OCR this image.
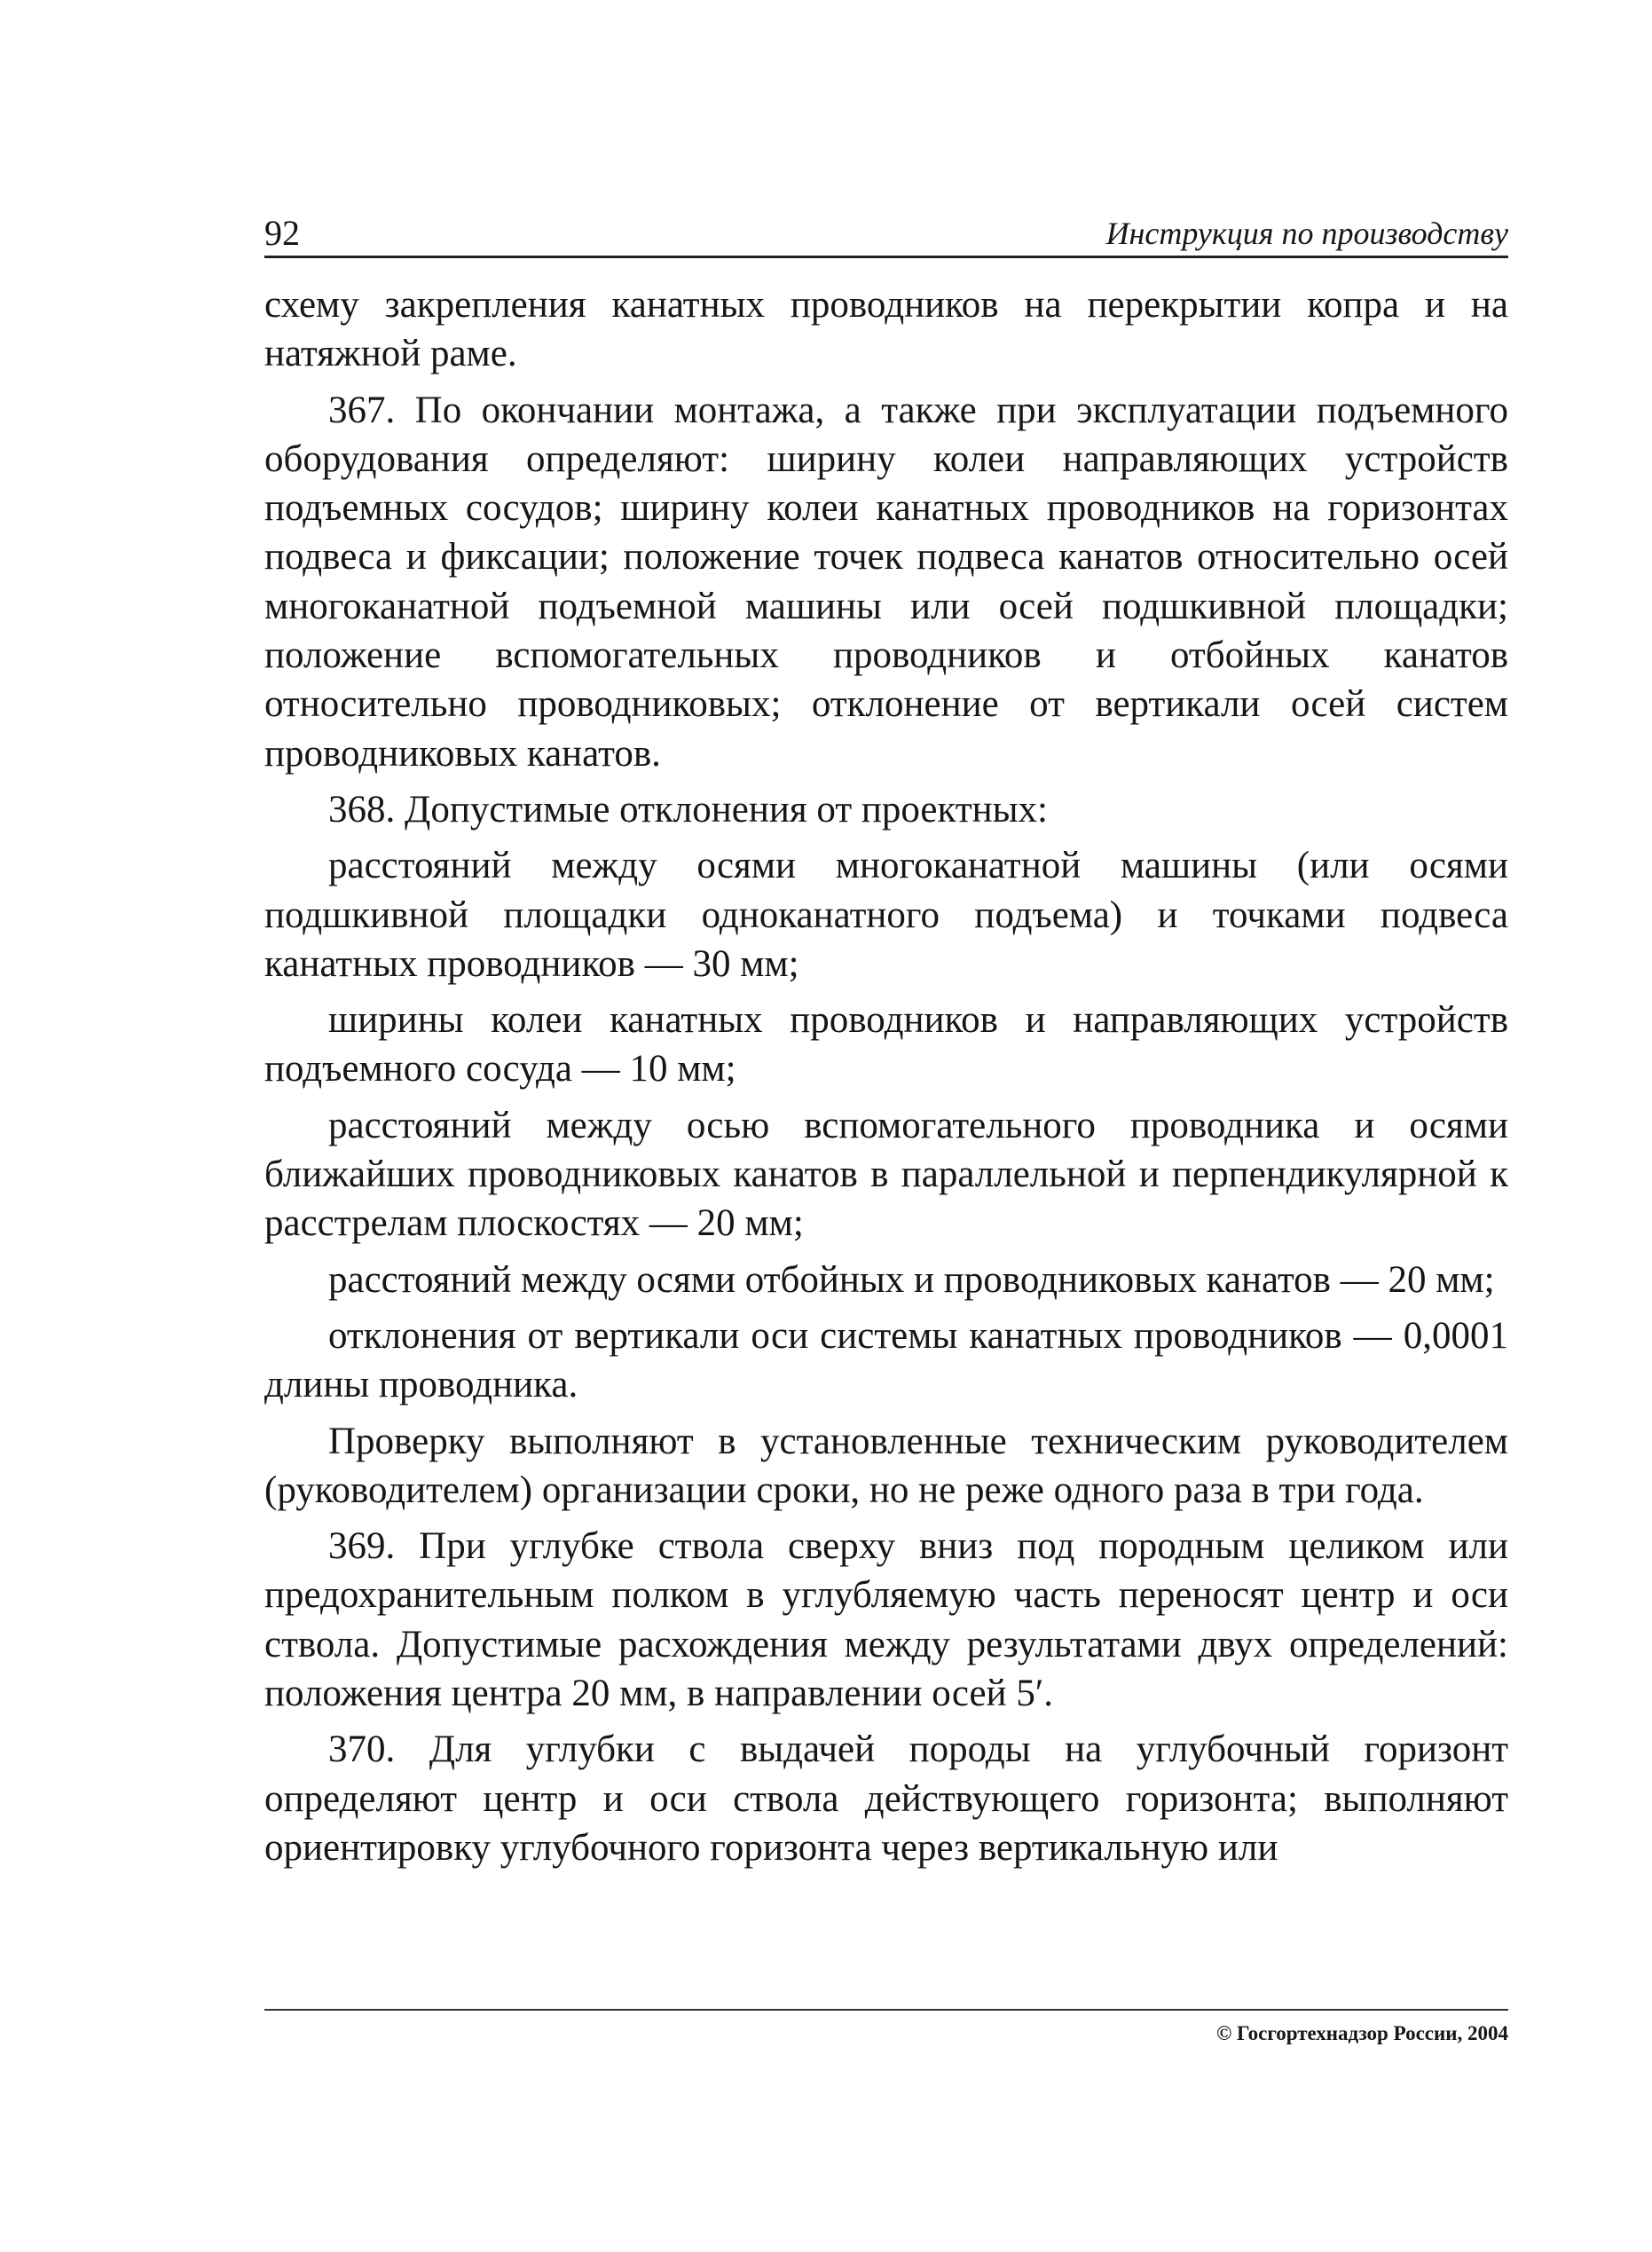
92	Инструкция по производству

схему закрепления канатных проводников на перекрытии копра и на натяжной раме.

367. По окончании монтажа, а также при эксплуатации подъемного оборудования определяют: ширину колеи направляющих устройств подъемных сосудов; ширину колеи канатных проводников на горизонтах подвеса и фиксации; положение точек подвеса канатов относительно осей многоканатной подъемной машины или осей подшкивной площадки; положение вспомогательных проводников и отбойных канатов относительно проводниковых; отклонение от вертикали осей систем проводниковых канатов.

368. Допустимые отклонения от проектных:

расстояний между осями многоканатной машины (или осями подшкивной площадки одноканатного подъема) и точками подвеса канатных проводников — 30 мм;

ширины колеи канатных проводников и направляющих устройств подъемного сосуда — 10 мм;

расстояний между осью вспомогательного проводника и осями ближайших проводниковых канатов в параллельной и перпендикулярной к расстрелам плоскостях — 20 мм;

расстояний между осями отбойных и проводниковых канатов — 20 мм;

отклонения от вертикали оси системы канатных проводников — 0,0001 длины проводника.

Проверку выполняют в установленные техническим руководителем (руководителем) организации сроки, но не реже одного раза в три года.

369. При углубке ствола сверху вниз под породным целиком или предохранительным полком в углубляемую часть переносят центр и оси ствола. Допустимые расхождения между результатами двух определений: положения центра 20 мм, в направлении осей 5′.

370. Для углубки с выдачей породы на углубочный горизонт определяют центр и оси ствола действующего горизонта; выполняют ориентировку углубочного горизонта через вертикальную или

© Госгортехнадзор России, 2004
